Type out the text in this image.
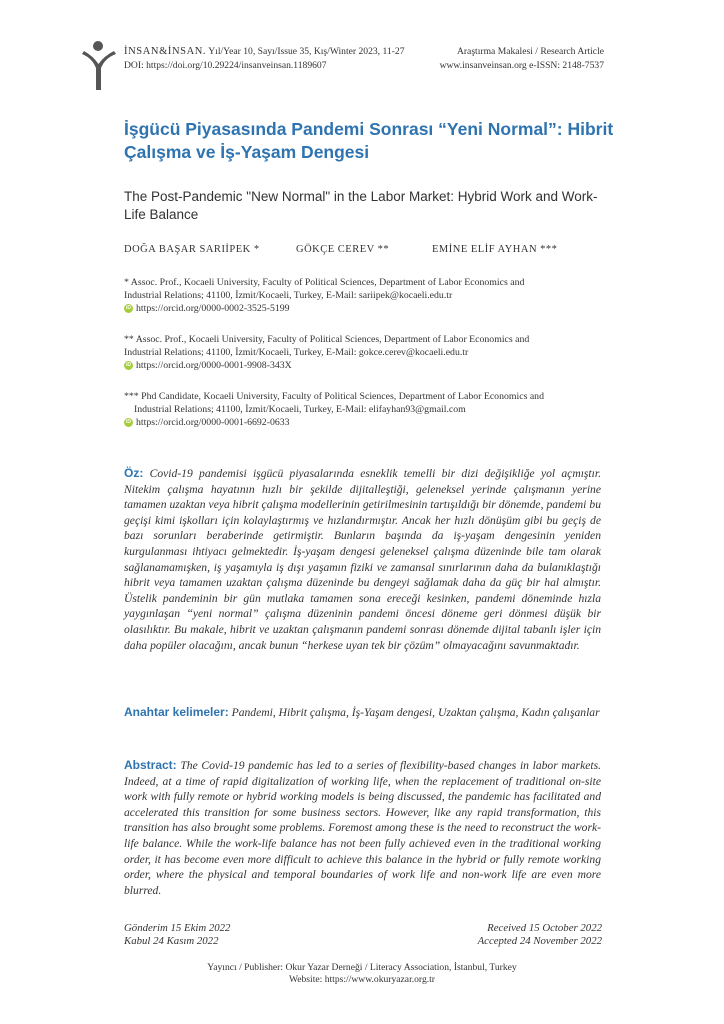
İNSAN&İNSAN. Yıl/Year 10, Sayı/Issue 35, Kış/Winter 2023, 11-27	Araştırma Makalesi / Research Article
DOI: https://doi.org/10.29224/insanveinsan.1189607	www.insanveinsan.org e-ISSN: 2148-7537
İşgücü Piyasasında Pandemi Sonrası “Yeni Normal”: Hibrit Çalışma ve İş-Yaşam Dengesi
The Post-Pandemic "New Normal" in the Labor Market: Hybrid Work and Work-Life Balance
DOĞA BAŞAR SARIİPEK *	GÖKÇE CEREV **	EMİNE ELİF AYHAN ***
* Assoc. Prof., Kocaeli University, Faculty of Political Sciences, Department of Labor Economics and
Industrial Relations; 41100, İzmit/Kocaeli, Turkey, E-Mail: sariipek@kocaeli.edu.tr
iD https://orcid.org/0000-0002-3525-5199
** Assoc. Prof., Kocaeli University, Faculty of Political Sciences, Department of Labor Economics and
Industrial Relations; 41100, İzmit/Kocaeli, Turkey, E-Mail: gokce.cerev@kocaeli.edu.tr
iD https://orcid.org/0000-0001-9908-343X
*** Phd Candidate, Kocaeli University, Faculty of Political Sciences, Department of Labor Economics and
Industrial Relations; 41100, İzmit/Kocaeli, Turkey, E-Mail: elifayhan93@gmail.com
iD https://orcid.org/0000-0001-6692-0633
Öz: Covid-19 pandemisi işgücü piyasalarında esneklik temelli bir dizi değişikliğe yol açmıştır. Nitekim çalışma hayatının hızlı bir şekilde dijitalleştiği, geleneksel yerinde çalışmanın yerine tamamen uzaktan veya hibrit çalışma modellerinin getirilmesinin tartışıldığı bir dönemde, pandemi bu geçişi kimi işkolları için kolaylaştırmış ve hızlandırmıştır. Ancak her hızlı dönüşüm gibi bu geçiş de bazı sorunları beraberinde getirmiştir. Bunların başında da iş-yaşam dengesinin yeniden kurgulanması ihtiyacı gelmektedir. İş-yaşam dengesi geleneksel çalışma düzeninde bile tam olarak sağlanamamışken, iş yaşamıyla iş dışı yaşamın fiziki ve zamansal sınırlarının daha da bulanıklaştığı hibrit veya tamamen uzaktan çalışma düzeninde bu dengeyi sağlamak daha da güç bir hal almıştır. Üstelik pandeminin bir gün mutlaka tamamen sona ereceği kesinken, pandemi döneminde hızla yaygınlaşan “yeni normal” çalışma düzeninin pandemi öncesi döneme geri dönmesi düşük bir olasılıktır. Bu makale, hibrit ve uzaktan çalışmanın pandemi sonrası dönemde dijital tabanlı işler için daha popüler olacağını, ancak bunun “herkese uyan tek bir çözüm” olmayacağını savunmaktadır.
Anahtar kelimeler: Pandemi, Hibrit çalışma, İş-Yaşam dengesi, Uzaktan çalışma, Kadın çalışanlar
Abstract: The Covid-19 pandemic has led to a series of flexibility-based changes in labor markets. Indeed, at a time of rapid digitalization of working life, when the replacement of traditional on-site work with fully remote or hybrid working models is being discussed, the pandemic has facilitated and accelerated this transition for some business sectors. However, like any rapid transformation, this transition has also brought some problems. Foremost among these is the need to reconstruct the work-life balance. While the work-life balance has not been fully achieved even in the traditional working order, it has become even more difficult to achieve this balance in the hybrid or fully remote working order, where the physical and temporal boundaries of work life and non-work life are even more blurred.
Gönderim 15 Ekim 2022
Kabul 24 Kasım 2022
Received 15 October 2022
Accepted 24 November 2022
Yayıncı / Publisher: Okur Yazar Derneği / Literacy Association, İstanbul, Turkey
Website: https://www.okuryazar.org.tr
